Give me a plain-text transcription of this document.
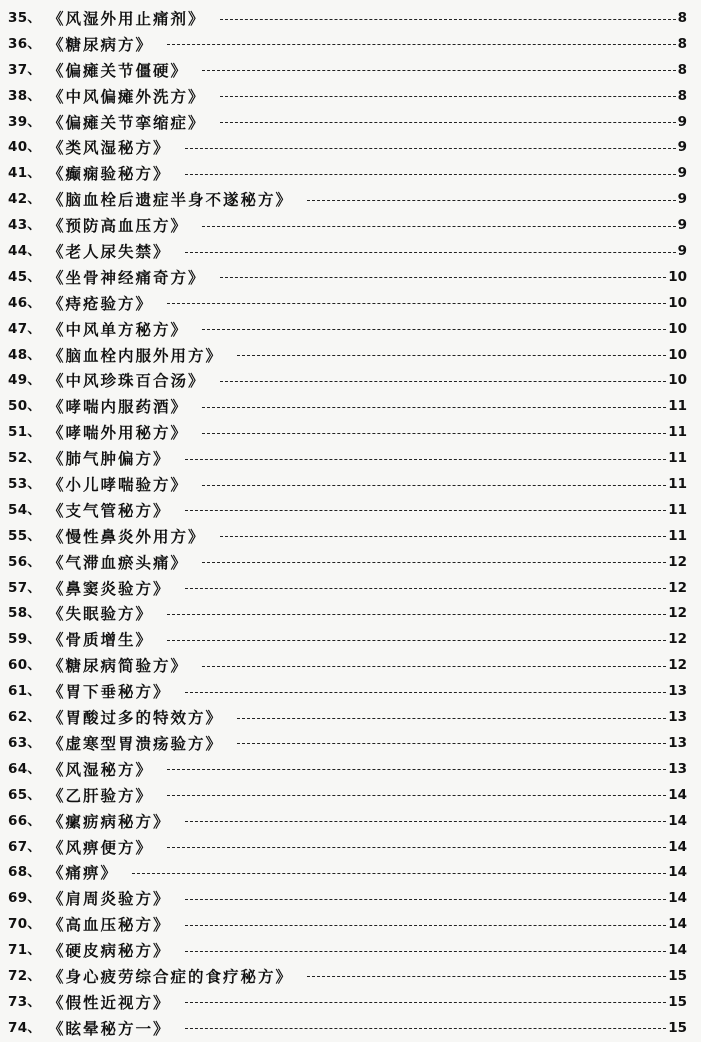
35、 《风湿外用止痛剂》	8
36、 《糖尿病方》	8
37、 《偏瘫关节僵硬》	8
38、 《中风偏瘫外洗方》	8
39、 《偏瘫关节挛缩症》	9
40、 《类风湿秘方》	9
41、 《癫痫验秘方》	9
42、 《脑血栓后遗症半身不遂秘方》	9
43、 《预防高血压方》	9
44、 《老人尿失禁》	9
45、 《坐骨神经痛奇方》	10
46、 《痔疮验方》	10
47、 《中风单方秘方》	10
48、 《脑血栓内服外用方》	10
49、 《中风珍珠百合汤》	10
50、 《哮喘内服药酒》	11
51、 《哮喘外用秘方》	11
52、 《肺气肿偏方》	11
53、 《小儿哮喘验方》	11
54、 《支气管秘方》	11
55、 《慢性鼻炎外用方》	11
56、 《气滞血瘀头痛》	12
57、 《鼻窦炎验方》	12
58、 《失眠验方》	12
59、 《骨质增生》	12
60、 《糖尿病简验方》	12
61、 《胃下垂秘方》	13
62、 《胃酸过多的特效方》	13
63、 《虚寒型胃溃疡验方》	13
64、 《风湿秘方》	13
65、 《乙肝验方》	14
66、 《瘰疬病秘方》	14
67、 《风痹便方》	14
68、 《痛痹》	14
69、 《肩周炎验方》	14
70、 《高血压秘方》	14
71、 《硬皮病秘方》	14
72、 《身心疲劳综合症的食疗秘方》	15
73、 《假性近视方》	15
74、 《眩晕秘方一》	15
